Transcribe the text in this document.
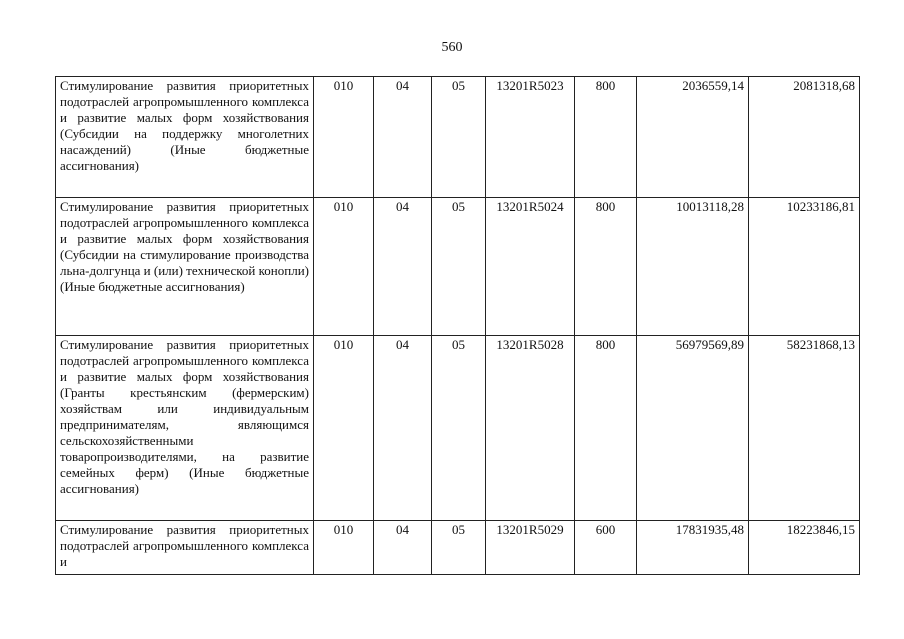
560
Стимулирование развития приоритетных подотраслей агропромышленного комплекса и развитие малых форм хозяйствования (Субсидии на поддержку многолетних насаждений) (Иные бюджетные ассигнования)	010	04	05	13201R5023	800	2036559,14	2081318,68
Стимулирование развития приоритетных подотраслей агропромышленного комплекса и развитие малых форм хозяйствования (Субсидии на стимулирование производства льна-долгунца и (или) технической конопли) (Иные бюджетные ассигнования)	010	04	05	13201R5024	800	10013118,28	10233186,81
Стимулирование развития приоритетных подотраслей агропромышленного комплекса и развитие малых форм хозяйствования (Гранты крестьянским (фермерским) хозяйствам или индивидуальным предпринимателям, являющимся сельскохозяйственными товаропроизводителями, на развитие семейных ферм) (Иные бюджетные ассигнования)	010	04	05	13201R5028	800	56979569,89	58231868,13
Стимулирование развития приоритетных подотраслей агропромышленного комплекса и	010	04	05	13201R5029	600	17831935,48	18223846,15
